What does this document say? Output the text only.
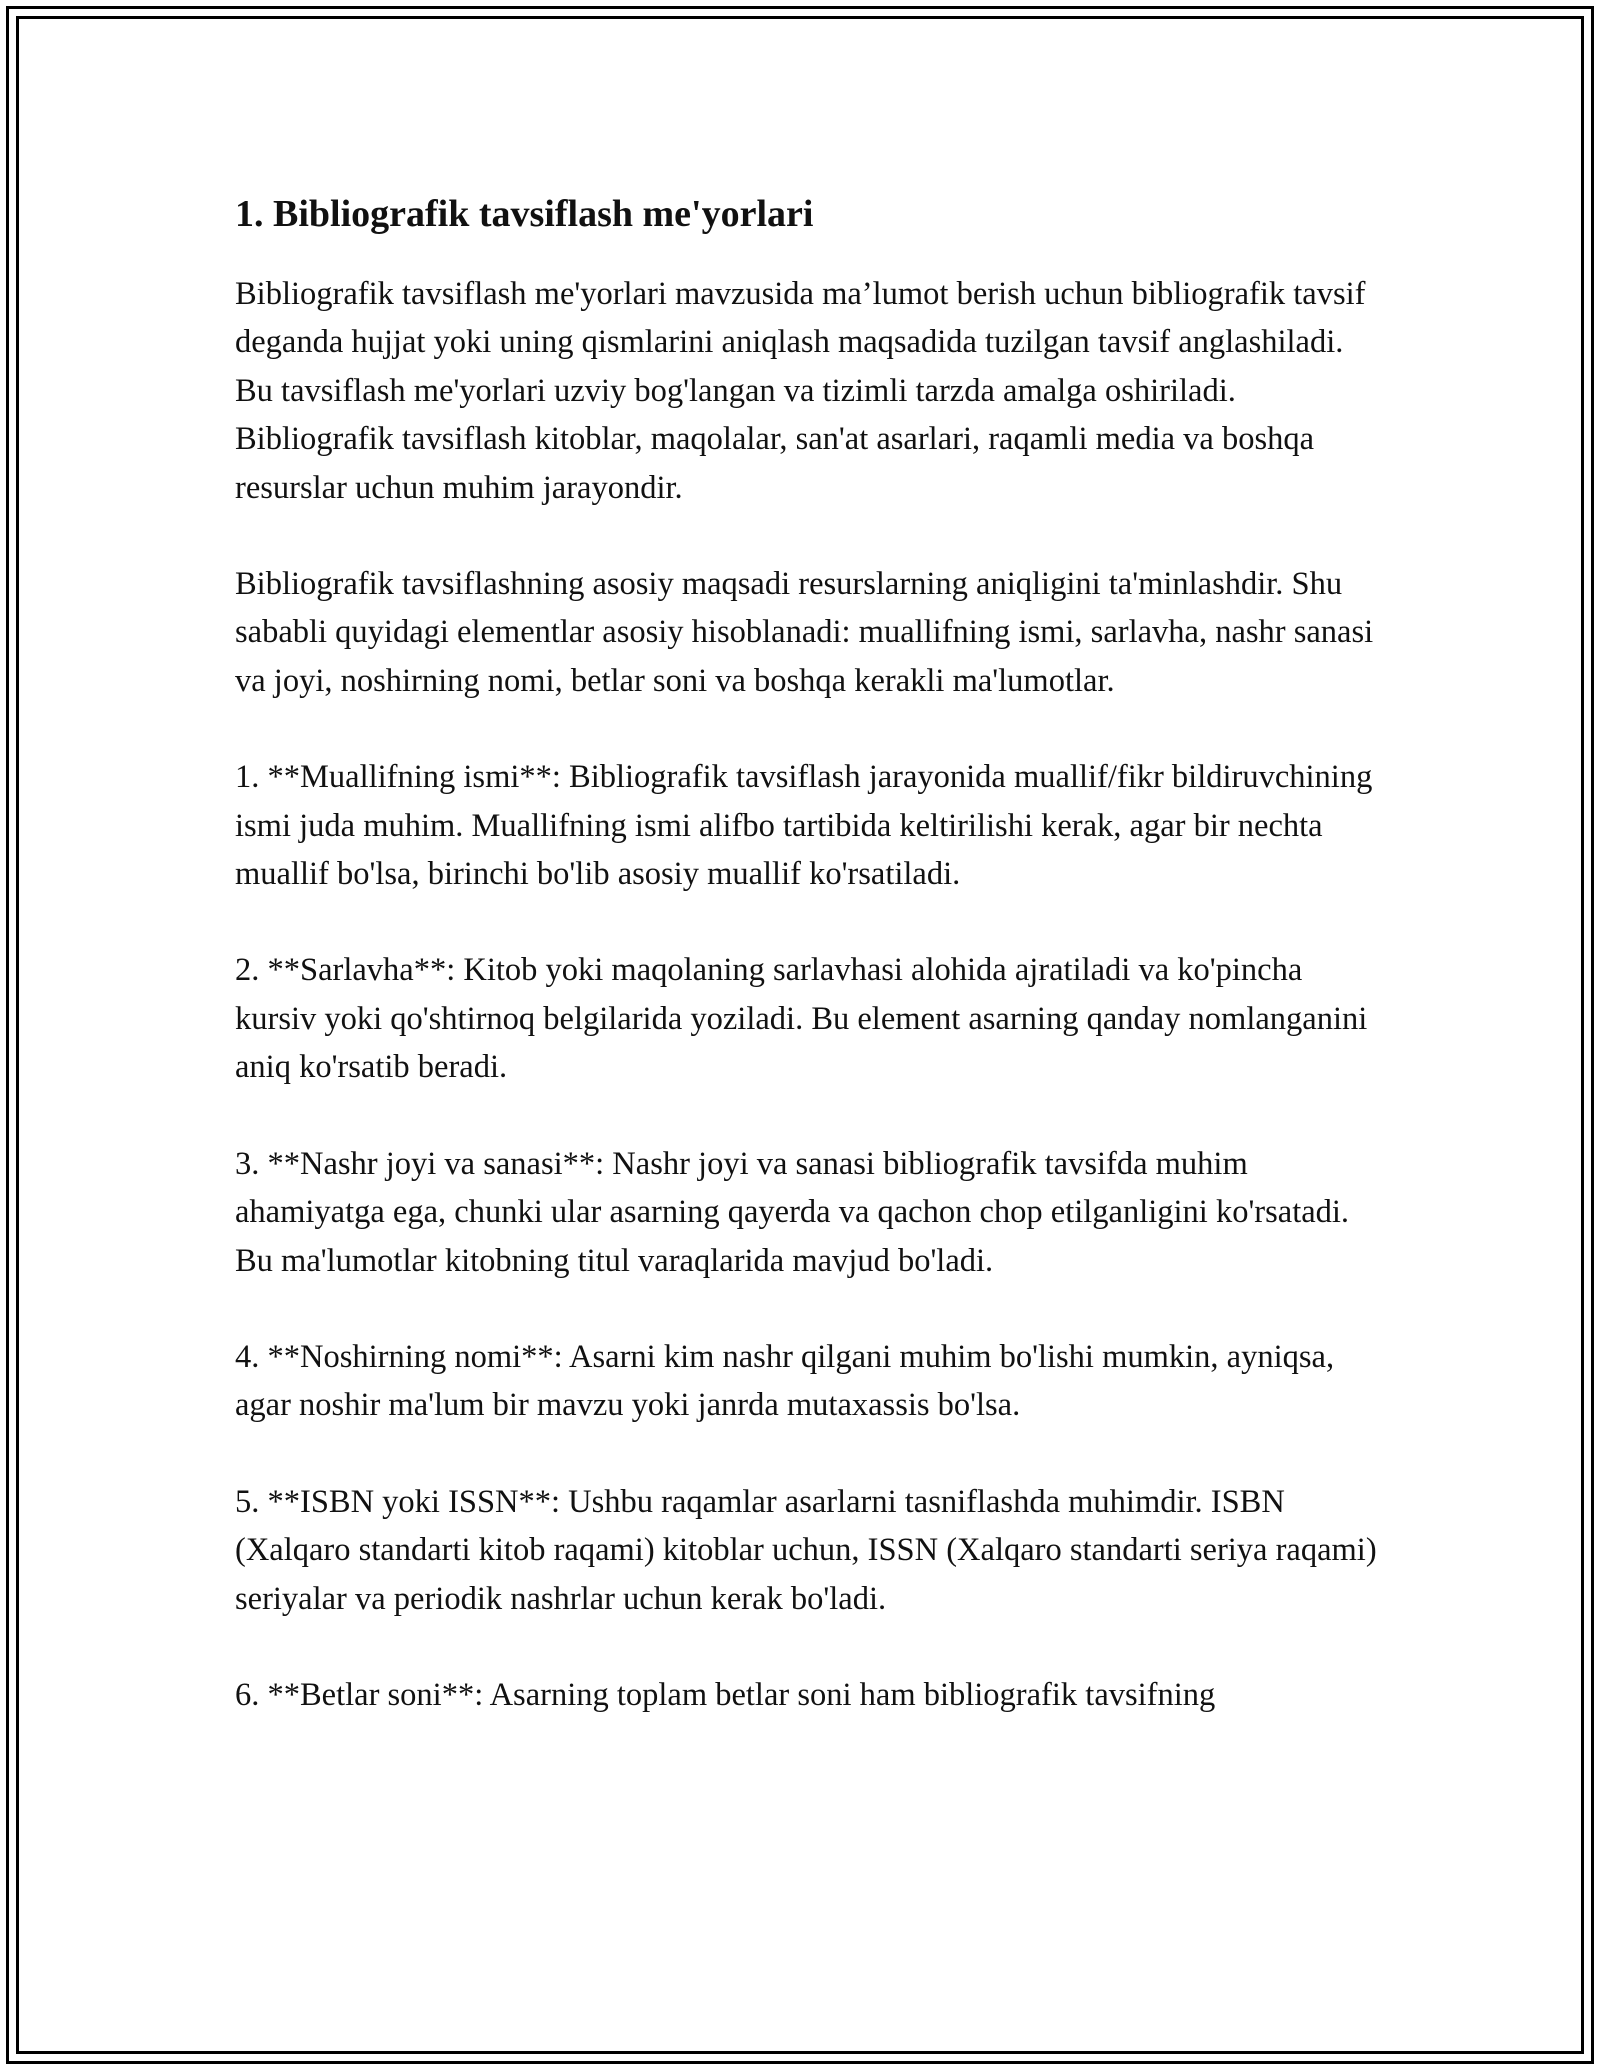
1. Bibliografik tavsiflash me'yorlari

Bibliografik tavsiflash me'yorlari mavzusida ma’lumot berish uchun bibliografik tavsif deganda hujjat yoki uning qismlarini aniqlash maqsadida tuzilgan tavsif anglashiladi. Bu tavsiflash me'yorlari uzviy bog'langan va tizimli tarzda amalga oshiriladi. Bibliografik tavsiflash kitoblar, maqolalar, san'at asarlari, raqamli media va boshqa resurslar uchun muhim jarayondir.

Bibliografik tavsiflashning asosiy maqsadi resurslarning aniqligini ta'minlashdir. Shu sababli quyidagi elementlar asosiy hisoblanadi: muallifning ismi, sarlavha, nashr sanasi va joyi, noshirning nomi, betlar soni va boshqa kerakli ma'lumotlar.

1. **Muallifning ismi**: Bibliografik tavsiflash jarayonida muallif/fikr bildiruvchining ismi juda muhim. Muallifning ismi alifbo tartibida keltirilishi kerak, agar bir nechta muallif bo'lsa, birinchi bo'lib asosiy muallif ko'rsatiladi.

2. **Sarlavha**: Kitob yoki maqolaning sarlavhasi alohida ajratiladi va ko'pincha kursiv yoki qo'shtirnoq belgilarida yoziladi. Bu element asarning qanday nomlanganini aniq ko'rsatib beradi.

3. **Nashr joyi va sanasi**: Nashr joyi va sanasi bibliografik tavsifda muhim ahamiyatga ega, chunki ular asarning qayerda va qachon chop etilganligini ko'rsatadi. Bu ma'lumotlar kitobning titul varaqlarida mavjud bo'ladi.

4. **Noshirning nomi**: Asarni kim nashr qilgani muhim bo'lishi mumkin, ayniqsa, agar noshir ma'lum bir mavzu yoki janrda mutaxassis bo'lsa.

5. **ISBN yoki ISSN**: Ushbu raqamlar asarlarni tasniflashda muhimdir. ISBN (Xalqaro standarti kitob raqami) kitoblar uchun, ISSN (Xalqaro standarti seriya raqami) seriyalar va periodik nashrlar uchun kerak bo'ladi.

6. **Betlar soni**: Asarning toplam betlar soni ham bibliografik tavsifning
